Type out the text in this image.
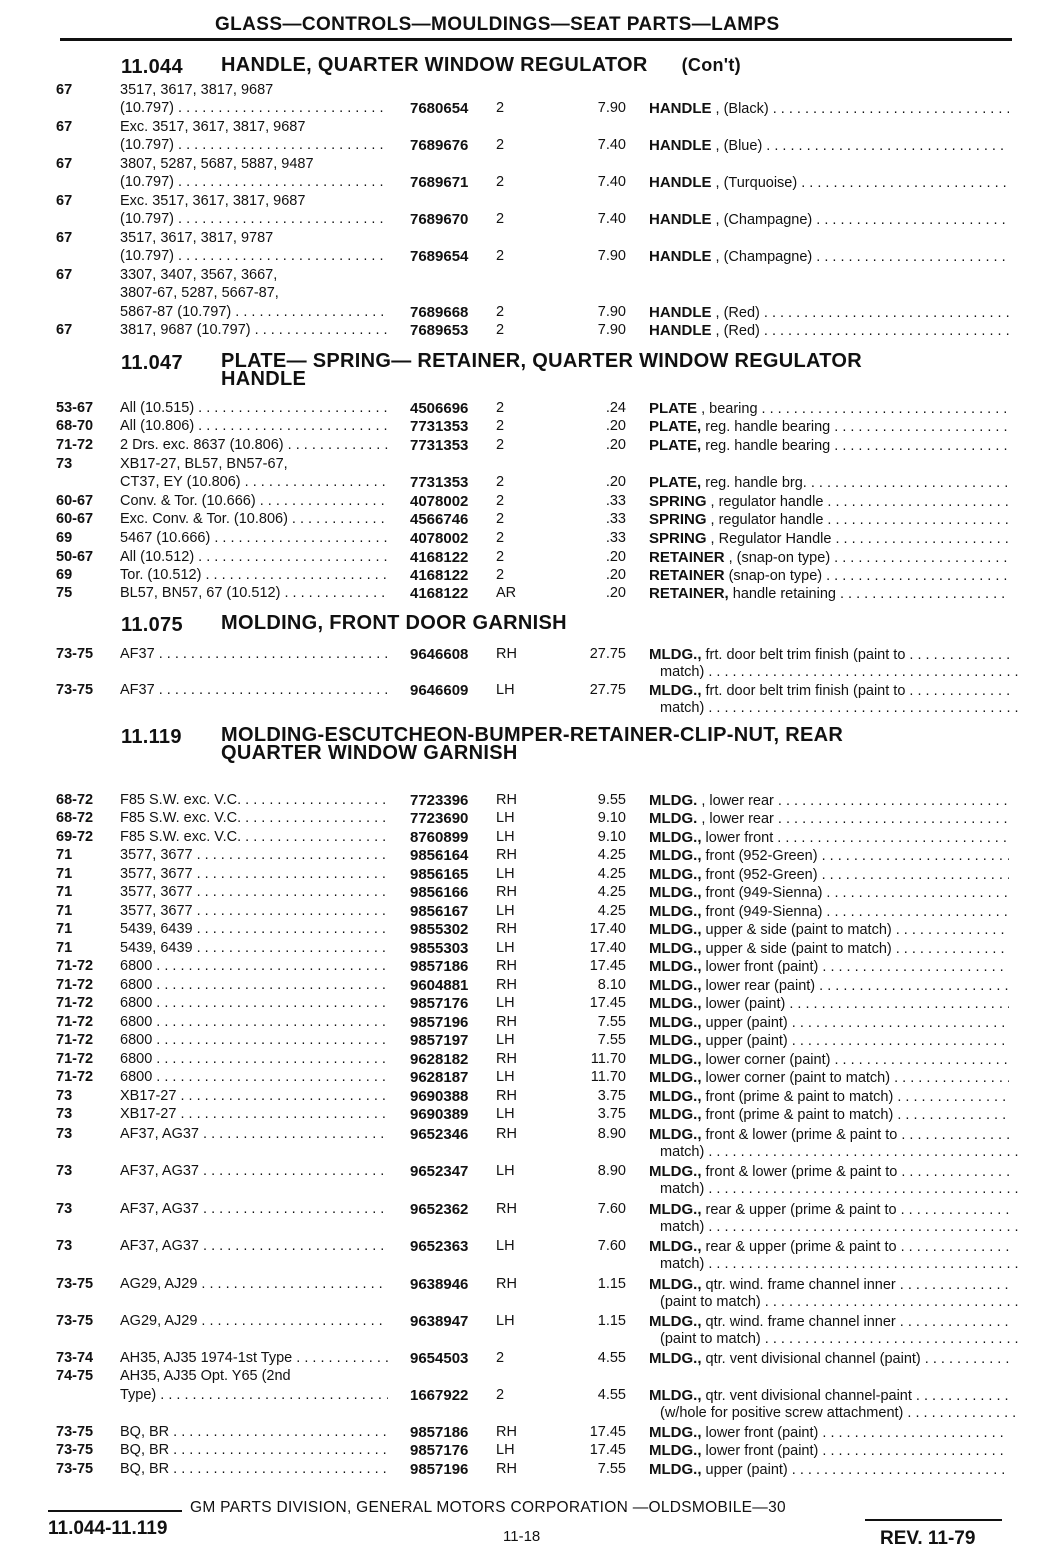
GLASS—CONTROLS—MOULDINGS—SEAT PARTS—LAMPS
11.044 HANDLE, QUARTER WINDOW REGULATOR (Con't)
11.047 PLATE— SPRING— RETAINER, QUARTER WINDOW REGULATOR
HANDLE
11.075 MOLDING, FRONT DOOR GARNISH
11.119 MOLDING-ESCUTCHEON-BUMPER-RETAINER-CLIP-NUT, REAR
QUARTER WINDOW GARNISH
67	3517, 3617, 3817, 9687
(10.797) . . .	7680654 2	7.90 HANDLE , (Black) . . .
67	Exc. 3517, 3617, 3817, 9687
(10.797) . . .	7689676 2	7.40 HANDLE , (Blue) . . .
67	3807, 5287, 5687, 5887, 9487
(10.797) . . .	7689671 2	7.40 HANDLE , (Turquoise) . . .
67	Exc. 3517, 3617, 3817, 9687
(10.797) . . .	7689670 2	7.40 HANDLE , (Champagne) . . .
67	3517, 3617, 3817, 9787
(10.797) . . .	7689654 2	7.90 HANDLE , (Champagne) . . .
67	3307, 3407, 3567, 3667,
3807-67, 5287, 5667-87,
5867-87 (10.797) . . .	7689668 2	7.90 HANDLE , (Red) . . .
67	3817, 9687 (10.797) . . .	7689653 2	7.90 HANDLE , (Red) . . .
53-67 All (10.515) . . .	4506696 2	.24 PLATE , bearing . . .
68-70 All (10.806) . . .	7731353 2	.20 PLATE, reg. handle bearing . . .
71-72 2 Drs. exc. 8637 (10.806) . . .	7731353 2	.20 PLATE, reg. handle bearing . . .
73	XB17-27, BL57, BN57-67,
CT37, EY (10.806) . . .	7731353 2	.20 PLATE, reg. handle brg. . . .
60-67 Conv. & Tor. (10.666) . . .	4078002 2	.33 SPRING , regulator handle . . .
60-67 Exc. Conv. & Tor. (10.806) . . .	4566746 2	.33 SPRING , regulator handle . . .
69	5467 (10.666) . . .	4078002 2	.33 SPRING , Regulator Handle . . .
50-67 All (10.512) . . .	4168122 2	.20 RETAINER , (snap-on type) . . .
69	Tor. (10.512) . . .	4168122 2	.20 RETAINER (snap-on type) . . .
75	BL57, BN57, 67 (10.512) . . .	4168122 AR	.20 RETAINER, handle retaining . . .
73-75 AF37 . . .	9646608 RH	27.75 MLDG., frt. door belt trim finish (paint to . . .
match) . . .
73-75 AF37 . . .	9646609 LH	27.75 MLDG., frt. door belt trim finish (paint to . . .
match) . . .
68-72 F85 S.W. exc. V.C. . . .	7723396 RH	9.55 MLDG. , lower rear . . .
68-72 F85 S.W. exc. V.C. . . .	7723690 LH	9.10 MLDG. , lower rear . . .
69-72 F85 S.W. exc. V.C. . . .	8760899 LH	9.10 MLDG., lower front . . .
71	3577, 3677 . . .	9856164 RH	4.25 MLDG., front (952-Green) . . .
71	3577, 3677 . . .	9856165 LH	4.25 MLDG., front (952-Green) . . .
71	3577, 3677 . . .	9856166 RH	4.25 MLDG., front (949-Sienna) . . .
71	3577, 3677 . . .	9856167 LH	4.25 MLDG., front (949-Sienna) . . .
71	5439, 6439 . . .	9855302 RH	17.40 MLDG., upper & side (paint to match) . . .
71	5439, 6439 . . .	9855303 LH	17.40 MLDG., upper & side (paint to match) . . .
71-72 6800 . . .	9857186 RH	17.45 MLDG., lower front (paint) . . .
71-72 6800 . . .	9604881 RH	8.10 MLDG., lower rear (paint) . . .
71-72 6800 . . .	9857176 LH	17.45 MLDG., lower (paint) . . .
71-72 6800 . . .	9857196 RH	7.55 MLDG., upper (paint) . . .
71-72 6800 . . .	9857197 LH	7.55 MLDG., upper (paint) . . .
71-72 6800 . . .	9628182 RH	11.70 MLDG., lower corner (paint) . . .
71-72 6800 . . .	9628187 LH	11.70 MLDG., lower corner (paint to match) . . .
73	XB17-27 . . .	9690388 RH	3.75 MLDG., front (prime & paint to match) . . .
73	XB17-27 . . .	9690389 LH	3.75 MLDG., front (prime & paint to match) . . .
73	AF37, AG37 . . .	9652346 RH	8.90 MLDG., front & lower (prime & paint to . . .
match) . . .
73	AF37, AG37 . . .	9652347 LH	8.90 MLDG., front & lower (prime & paint to . . .
match) . . .
73	AF37, AG37 . . .	9652362 RH	7.60 MLDG., rear & upper (prime & paint to . . .
match) . . .
73	AF37, AG37 . . .	9652363 LH	7.60 MLDG., rear & upper (prime & paint to . . .
match) . . .
73-75 AG29, AJ29 . . .	9638946 RH	1.15 MLDG., qtr. wind. frame channel inner . . .
(paint to match) . . .
73-75 AG29, AJ29 . . .	9638947 LH	1.15 MLDG., qtr. wind. frame channel inner . . .
(paint to match) . . .
73-74 AH35, AJ35 1974-1st Type . . .	9654503 2	4.55 MLDG., qtr. vent divisional channel (paint) . . .
74-75 AH35, AJ35 Opt. Y65 (2nd
Type) . . .	1667922 2	4.55 MLDG., qtr. vent divisional channel-paint . . .
(w/hole for positive screw attachment) . . .
73-75 BQ, BR . . .	9857186 RH	17.45 MLDG., lower front (paint) . . .
73-75 BQ, BR . . .	9857176 LH	17.45 MLDG., lower front (paint) . . .
73-75 BQ, BR . . .	9857196 RH	7.55 MLDG., upper (paint) . . .
GM PARTS DIVISION, GENERAL MOTORS CORPORATION —OLDSMOBILE—30
11.044-11.119	11-18	REV. 11-79
